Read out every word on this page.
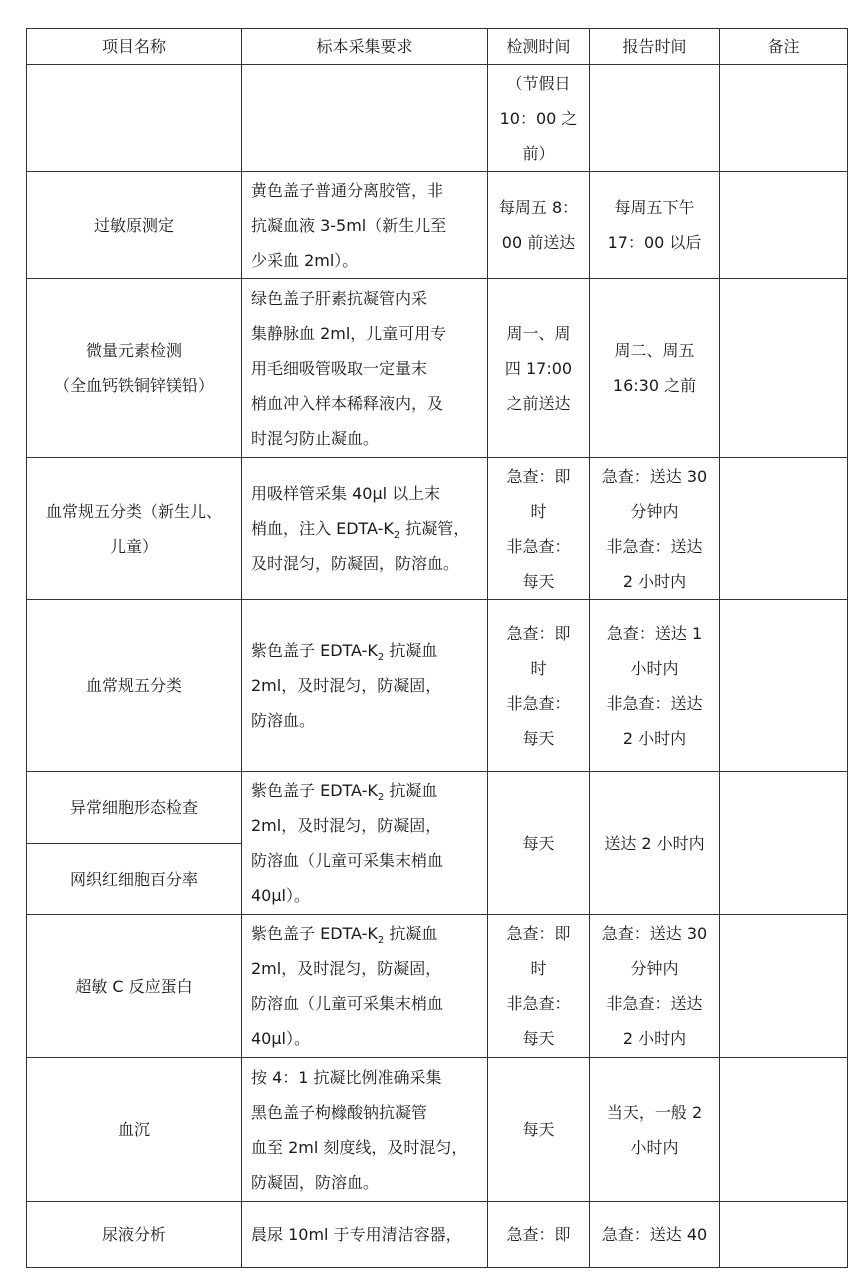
项目名称	标本采集要求	检测时间	报告时间	备注

		（节假日
10：00 之
前）		

过敏原测定	黄色盖子普通分离胶管，非
抗凝血液 3-5ml（新生儿至
少采血 2ml）。	每周五 8：
00 前送达	每周五下午
17：00 以后	

微量元素检测
（全血钙铁铜锌镁铅）	绿色盖子肝素抗凝管内采
集静脉血 2ml，儿童可用专
用毛细吸管吸取一定量末
梢血冲入样本稀释液内，及
时混匀防止凝血。	周一、周
四 17:00
之前送达	周二、周五
16:30 之前	

血常规五分类（新生儿、
儿童）	用吸样管采集 40μl 以上末
梢血，注入 EDTA-$K_2$ 抗凝管，
及时混匀，防凝固，防溶血。	急查：即
时
非急查：
每天	急查：送达 30
分钟内
非急查：送达
2 小时内	

血常规五分类	紫色盖子 EDTA-$K_2$ 抗凝血
2ml，及时混匀，防凝固，
防溶血。	急查：即
时
非急查：
每天	急查：送达 1
小时内
非急查：送达
2 小时内	

异常细胞形态检查	紫色盖子 EDTA-$K_2$ 抗凝血
2ml，及时混匀，防凝固，
防溶血（儿童可采集末梢血
40μl）。	每天	送达 2 小时内	

网织红细胞百分率				

超敏 C 反应蛋白	紫色盖子 EDTA-$K_2$ 抗凝血
2ml，及时混匀，防凝固，
防溶血（儿童可采集末梢血
40μl）。	急查：即
时
非急查：
每天	急查：送达 30
分钟内
非急查：送达
2 小时内	

血沉	按 4：1 抗凝比例准确采集
黑色盖子枸橼酸钠抗凝管
血至 2ml 刻度线，及时混匀，
防凝固，防溶血。	每天	当天，一般 2
小时内	

尿液分析	晨尿 10ml 于专用清洁容器，	急查：即	急查：送达 40	
